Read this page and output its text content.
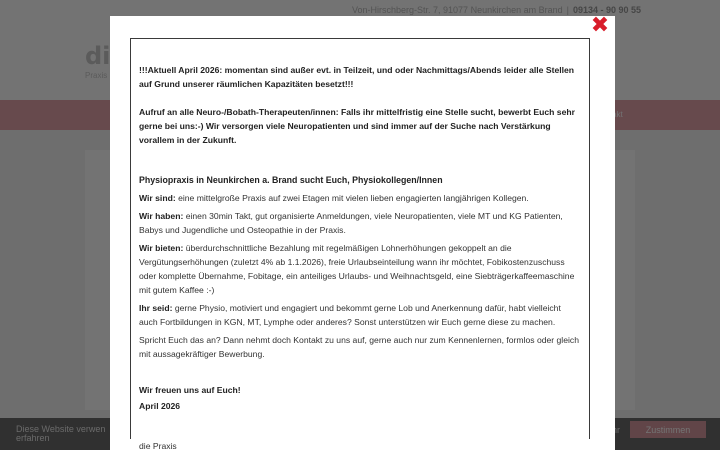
✖

!!!Aktuell April 2026: momentan sind außer evt. in Teilzeit, und oder Nachmittags/Abends leider alle Stellen auf Grund unserer räumlichen Kapazitäten besetzt!!!

Aufruf an alle Neuro-/Bobath-Therapeuten/innen: Falls ihr mittelfristig eine Stelle sucht, bewerbt Euch sehr gerne bei uns:-) Wir versorgen viele Neuropatienten und sind immer auf der Suche nach Verstärkung vorallem in der Zukunft.

Physiopraxis in Neunkirchen a. Brand sucht Euch, Physiokollegen/Innen

Wir sind: eine mittelgroße Praxis auf zwei Etagen mit vielen lieben engagierten langjährigen Kollegen.

Wir haben: einen 30min Takt, gut organisierte Anmeldungen, viele Neuropatienten, viele MT und KG Patienten, Babys und Jugendliche und Osteopathie in der Praxis.

Wir bieten: überdurchschnittliche Bezahlung mit regelmäßigen Lohnerhöhungen gekoppelt an die Vergütungserhöhungen (zuletzt 4% ab 1.1.2026), freie Urlaubseinteilung wann ihr möchtet, Fobikostenzuschuss oder komplette Übernahme, Fobitage, ein anteiliges Urlaubs- und Weihnachtsgeld, eine Siebträgerkaffeemaschine mit gutem Kaffee :-)

Ihr seid: gerne Physio, motiviert und engagiert und bekommt gerne Lob und Anerkennung dafür, habt vielleicht auch Fortbildungen in KGN, MT, Lymphe oder anderes? Sonst unterstützen wir Euch gerne diese zu machen.

Spricht Euch das an? Dann nehmt doch Kontakt zu uns auf, gerne auch nur zum Kennenlernen, formlos oder gleich mit aussagekräftiger Bewerbung.

Wir freuen uns auf Euch!

April 2026

die Praxis
